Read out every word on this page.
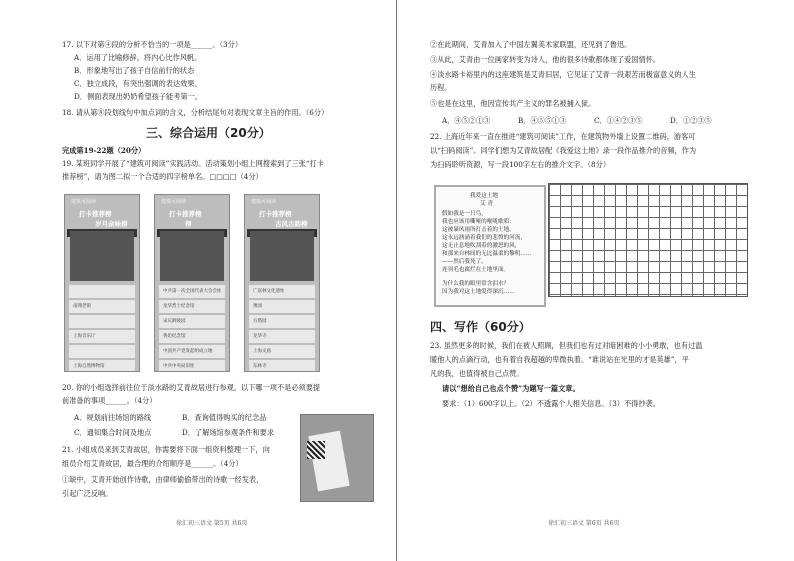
17. 以下对第④段的分析不恰当的一项是______。（3分）
A．运用了比喻修辞，将内心比作风帆。
B．形象地写出了孩子自信前行的状态
C．独立成段，有突出强调的表达效果。
D．侧面表现出奶奶希望孩子能考第一。
18. 请从第⑧段划线句中加点词的含义，分析结尾句对表现文章主旨的作用。（6分）
三、综合运用（20分）
完成第19-22题（20分）
19. 某班同学开展了“建筑可阅读”实践活动。活动策划小组上网搜索到了三张“打卡
推荐榜”，请为图二拟一个合适的四字榜单名。□□□□（4分）
建筑可阅读
打卡推荐榜
岁月余味榜
南翔老街
上海音乐厅
上海自然博物馆
建筑可阅读
打卡推荐榜
榜
中共第一次全国代表大会会址
龙华烈士纪念馆
宋庆龄陵园
鲁迅纪念馆
中国共产党发起组成立地
中共中央局旧址
建筑可阅读
打卡推荐榜
古风古韵榜
广富林文化遗址
豫园
方塔园
龙华寺
上海文庙
东林寺
20. 你的小组选择前往位于淡水路的艾青故居进行参观。以下哪一项不是必须要提
前准备的事项______。（4分）
A．规划前往场馆的路线	B．查询值得购买的纪念品
C．通知集合时间及地点	D．了解场馆参观条件和要求
21. 小组成员来到艾青故居，你需要将下面一组资料整理一下，向
组员介绍艾青故居，最合理的介绍顺序是______。（4分）
①缺中，艾青开始创作诗歌，由律师偷偷带出的诗歌一经发表，
引起广泛反响。
徐汇初三语文 第5页 共6页
②在此期间，艾青加入了中国左翼美术家联盟，还见到了鲁迅。
③从此，艾青由一位画家转变为诗人，他的很多诗歌都体现了爱国情怀。
④淡水路卡裕里内的这座建筑是艾青旧居，它见证了艾青一段艰苦而极富意义的人生
历程。
⑤也是在这里，他因宣传共产主义的罪名被捕入狱。
A．④⑤②①③	B．④⑤⑤①③	C．①④②③⑤	D．①②③⑤
22. 上海近年来一直在推进“建筑可阅读”工作，在建筑物外墙上设置二维码，游客可
以“扫码阅读”。同学们想为艾青故居配《我爱这土地》录一段作品推介的音频，作为
为扫码聆听资源，写一段100字左右的推介文字。（8分）
我爱这土地
艾 青
假如我是一只鸟，
我也应该用嘶哑的喉咙歌唱：
这被暴风雨所打击着的土地，
这永远汹涌着我们的悲愤的河流，
这无止息地吹刮着的激怒的风，
和那来自林间的无比温柔的黎明……
——然后我死了，
连羽毛也腐烂在土地里面。
为什么我的眼里常含泪水？
因为我对这土地爱得深沉……
四、写作（60分）
23. 虽然更多的时候，我们在被人照顾，但我们也有过对暗困难的小小勇敢，也有过温
暖他人的点滴行动，也有着自我超越的卑微执着。“谁说站在光里的才是英雄”，平
凡的我，也值得被自己点赞。
请以“想给自己也点个赞”为题写一篇文章。
要求：（1）600字以上。（2）不透露个人相关信息。（3）不得抄袭。
徐汇初三语文 第6页 共6页
